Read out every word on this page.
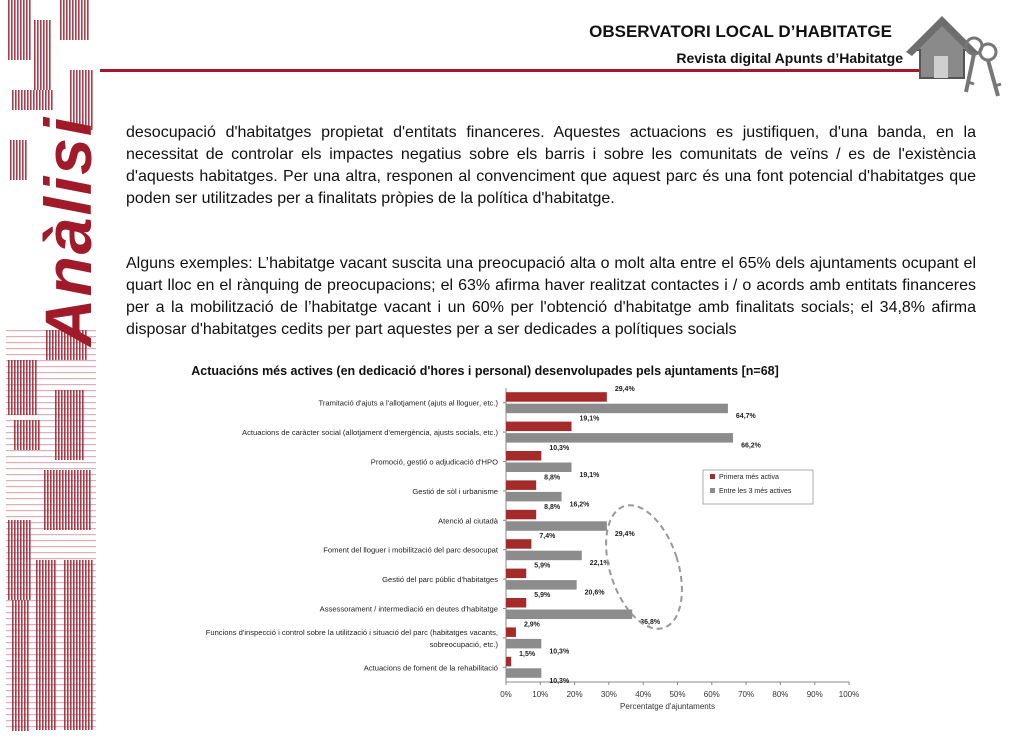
Anàlisi
OBSERVATORI LOCAL D’HABITATGE
Revista digital Apunts d’Habitatge

desocupació d'habitatges propietat d'entitats financeres. Aquestes actuacions es justifiquen, d'una banda, en la necessitat de controlar els impactes negatius sobre els barris i sobre les comunitats de veïns / es de l'existència d'aquests habitatges. Per una altra, responen al convenciment que aquest parc és una font potencial d'habitatges que poden ser utilitzades per a finalitats pròpies de la política d'habitatge.

Alguns exemples: L’habitatge vacant suscita una preocupació alta o molt alta entre el 65% dels ajuntaments ocupant el quart lloc en el rànquing de preocupacions; el 63% afirma haver realitzat contactes i / o acords amb entitats financeres per a la mobilització de l’habitatge vacant i un 60% per l'obtenció d'habitatge amb finalitats socials; el 34,8% afirma disposar d'habitatges cedits per part aquestes per a ser dedicades a polítiques socials

Actuacións més actives (en dedicació d'hores i personal) desenvolupades pels ajuntaments [n=68]
0%	10% 20% 30% 40% 50% 60% 70% 80% 90% 100%
Percentatge d'ajuntaments
Tramitació d'ajuts a l'allotjament (ajuts al lloguer, etc.)
29,4%
64,7%
Actuacions de caràcter social (allotjament d'emergència, ajusts socials, etc.)
19,1%
66,2%
Promoció, gestió o adjudicació d'HPO
10,3%
19,1%
Gestió de sòl i urbanisme
8,8%
16,2%
Atenció al ciutadà
8,8%
29,4%
Foment del lloguer i mobilització del parc desocupat
7,4%
22,1%
Gestió del parc públic d'habitatges
5,9%
20,6%
Assessorament / intermediació en deutes d'habitatge
5,9%
36,8%
Funcions d'inspecció i control sobre la utilització i situació del parc (habitatges vacants,
sobreocupació, etc.)
2,9%
10,3%
Actuacions de foment de la rehabilitació
1,5%
10,3%
Primera més activa
Entre les 3 més actives
